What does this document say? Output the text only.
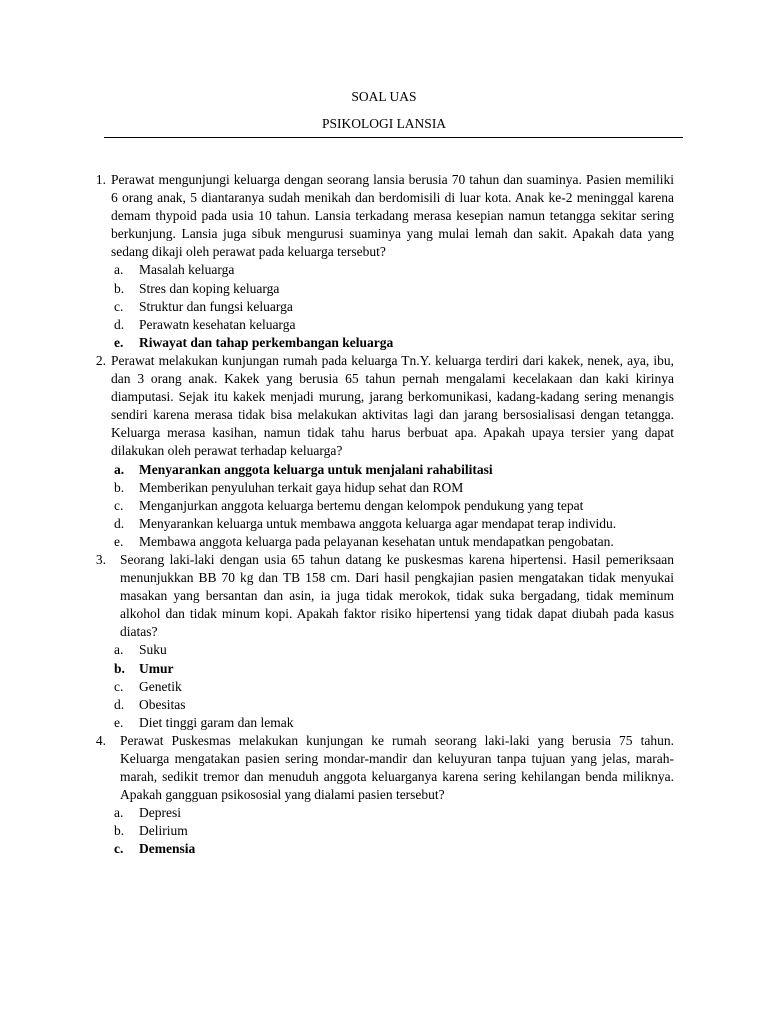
SOAL UAS
PSIKOLOGI LANSIA
1. Perawat mengunjungi keluarga dengan seorang lansia berusia 70 tahun dan suaminya. Pasien memiliki 6 orang anak, 5 diantaranya sudah menikah dan berdomisili di luar kota. Anak ke-2 meninggal karena demam thypoid pada usia 10 tahun. Lansia terkadang merasa kesepian namun tetangga sekitar sering berkunjung. Lansia juga sibuk mengurusi suaminya yang mulai lemah dan sakit. Apakah data yang sedang dikaji oleh perawat pada keluarga tersebut?
a.	Masalah keluarga
b. Stres dan koping keluarga
c.	Struktur dan fungsi keluarga
d. Perawatn kesehatan keluarga
e.	Riwayat dan tahap perkembangan keluarga
2. Perawat melakukan kunjungan rumah pada keluarga Tn.Y. keluarga terdiri dari kakek, nenek, aya, ibu, dan 3 orang anak. Kakek yang berusia 65 tahun pernah mengalami kecelakaan dan kaki kirinya diamputasi. Sejak itu kakek menjadi murung, jarang berkomunikasi, kadang-kadang sering menangis sendiri karena merasa tidak bisa melakukan aktivitas lagi dan jarang bersosialisasi dengan tetangga. Keluarga merasa kasihan, namun tidak tahu harus berbuat apa. Apakah upaya tersier yang dapat dilakukan oleh perawat terhadap keluarga?
a. Menyarankan anggota keluarga untuk menjalani rahabilitasi
b. Memberikan penyuluhan terkait gaya hidup sehat dan ROM
c.	Menganjurkan anggota keluarga bertemu dengan kelompok pendukung yang tepat
d. Menyarankan keluarga untuk membawa anggota keluarga agar mendapat terap individu.
e.	Membawa anggota keluarga pada pelayanan kesehatan untuk mendapatkan pengobatan.
3. Seorang laki-laki dengan usia 65 tahun datang ke puskesmas karena hipertensi. Hasil pemeriksaan menunjukkan BB 70 kg dan TB 158 cm. Dari hasil pengkajian pasien mengatakan tidak menyukai masakan yang bersantan dan asin, ia juga tidak merokok, tidak suka bergadang, tidak meminum alkohol dan tidak minum kopi. Apakah faktor risiko hipertensi yang tidak dapat diubah pada kasus diatas?
a.	Suku
b. Umur
c.	Genetik
d. Obesitas
e.	Diet tinggi garam dan lemak
4. Perawat Puskesmas melakukan kunjungan ke rumah seorang laki-laki yang berusia 75 tahun. Keluarga mengatakan pasien sering mondar-mandir dan keluyuran tanpa tujuan yang jelas, marah-marah, sedikit tremor dan menuduh anggota keluarganya karena sering kehilangan benda miliknya. Apakah gangguan psikososial yang dialami pasien tersebut?
a.	Depresi
b. Delirium
c.	Demensia
